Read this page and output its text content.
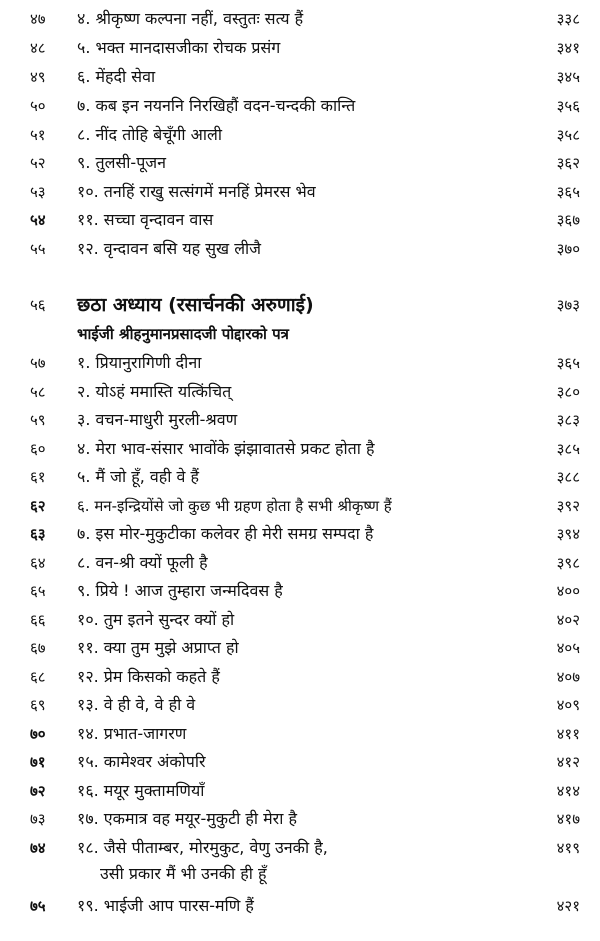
४७ ४. श्रीकृष्ण कल्पना नहीं, वस्तुतः सत्य हैं	३३८
४८ ५. भक्त मानदासजीका रोचक प्रसंग	३४१
४९ ६. मेंहदी सेवा	३४५
५० ७. कब इन नयननि निरखिहौं वदन-चन्दकी कान्ति	३५६
५१ ८. नींद तोहि बेचूँगी आली	३५८
५२ ९. तुलसी-पूजन	३६२
५३ १०. तनहिं राखु सत्संगमें मनहिं प्रेमरस भेव	३६५
५४ ११. सच्चा वृन्दावन वास	३६७
५५ १२. वृन्दावन बसि यह सुख लीजै	३७०
५६ छठा अध्याय (रसार्चनकी अरुणाई)	३७३
भाईजी श्रीहनुमानप्रसादजी पोद्दारको पत्र
५७ १. प्रियानुरागिणी दीना	३६५
५८ २. योऽहं ममास्ति यत्किंचित्	३८०
५९ ३. वचन-माधुरी मुरली-श्रवण	३८३
६० ४. मेरा भाव-संसार भावोंके झंझावातसे प्रकट होता है	३८५
६१ ५. मैं जो हूँ, वही वे हैं	३८८
६२ ६. मन-इन्द्रियोंसे जो कुछ भी ग्रहण होता है सभी श्रीकृष्ण हैं	३९२
६३ ७. इस मोर-मुकुटीका कलेवर ही मेरी समग्र सम्पदा है	३९४
६४ ८. वन-श्री क्यों फूली है	३९८
६५ ९. प्रिये ! आज तुम्हारा जन्मदिवस है	४००
६६ १०. तुम इतने सुन्दर क्यों हो	४०२
६७ ११. क्या तुम मुझे अप्राप्त हो	४०५
६८ १२. प्रेम किसको कहते हैं	४०७
६९ १३. वे ही वे, वे ही वे	४०९
७० १४. प्रभात-जागरण	४११
७१ १५. कामेश्वर अंकोपरि	४१२
७२ १६. मयूर मुक्तामणियाँ	४१४
७३ १७. एकमात्र वह मयूर-मुकुटी ही मेरा है	४१७
७४ १८. जैसे पीताम्बर, मोरमुकुट, वेणु उनकी है,	४१९
उसी प्रकार मैं भी उनकी ही हूँ
७५ १९. भाईजी आप पारस-मणि हैं	४२१
